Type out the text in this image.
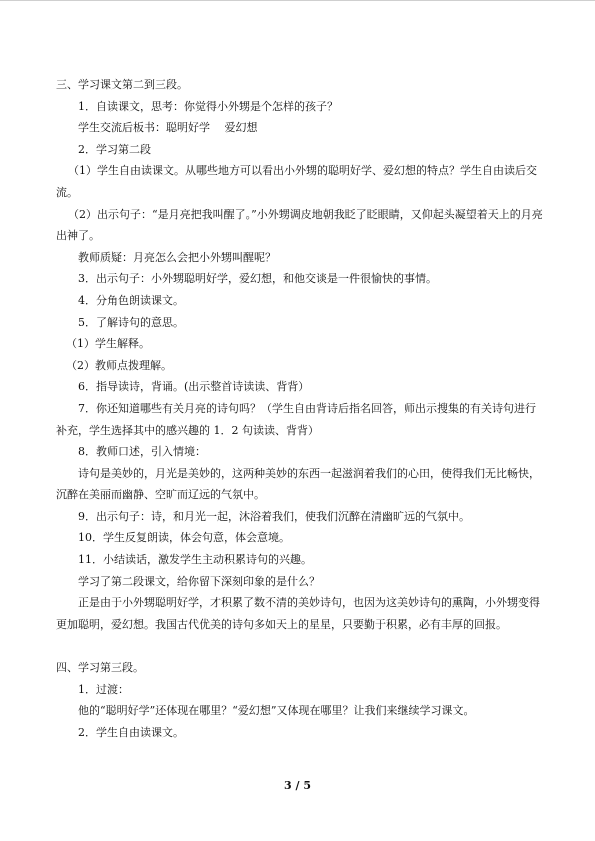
三、学习课文第二到三段。
1．自读课文，思考：你觉得小外甥是个怎样的孩子？
学生交流后板书：聪明好学　 爱幻想
2．学习第二段

（1）学生自由读课文。从哪些地方可以看出小外甥的聪明好学、爱幻想的特点？学生自由读后交流。

（2）出示句子：“是月亮把我叫醒了。”小外甥调皮地朝我眨了眨眼睛，又仰起头凝望着天上的月亮出神了。

教师质疑：月亮怎么会把小外甥叫醒呢？
3．出示句子：小外甥聪明好学，爱幻想，和他交谈是一件很愉快的事情。
4．分角色朗读课文。
5．了解诗句的意思。
（1）学生解释。
（2）教师点拨理解。
6．指导读诗，背诵。(出示整首诗读读、背背）

7．你还知道哪些有关月亮的诗句吗？（学生自由背诗后指名回答，师出示搜集的有关诗句进行补充，学生选择其中的感兴趣的 1．2 句读读、背背）

8．教师口述，引入情境：

诗句是美妙的，月光是美妙的，这两种美妙的东西一起滋润着我们的心田，使得我们无比畅快，沉醉在美丽而幽静、空旷而辽远的气氛中。

9．出示句子：诗，和月光一起，沐浴着我们，使我们沉醉在清幽旷远的气氛中。
10．学生反复朗读，体会句意，体会意境。
11．小结读话，激发学生主动积累诗句的兴趣。
学习了第二段课文，给你留下深刻印象的是什么？

正是由于小外甥聪明好学，才积累了数不清的美妙诗句，也因为这美妙诗句的熏陶，小外甥变得更加聪明，爱幻想。我国古代优美的诗句多如天上的星星，只要勤于积累，必有丰厚的回报。

四、学习第三段。
1．过渡：
他的“聪明好学”还体现在哪里？“爱幻想”又体现在哪里？让我们来继续学习课文。
2．学生自由读课文。
3 / 5
